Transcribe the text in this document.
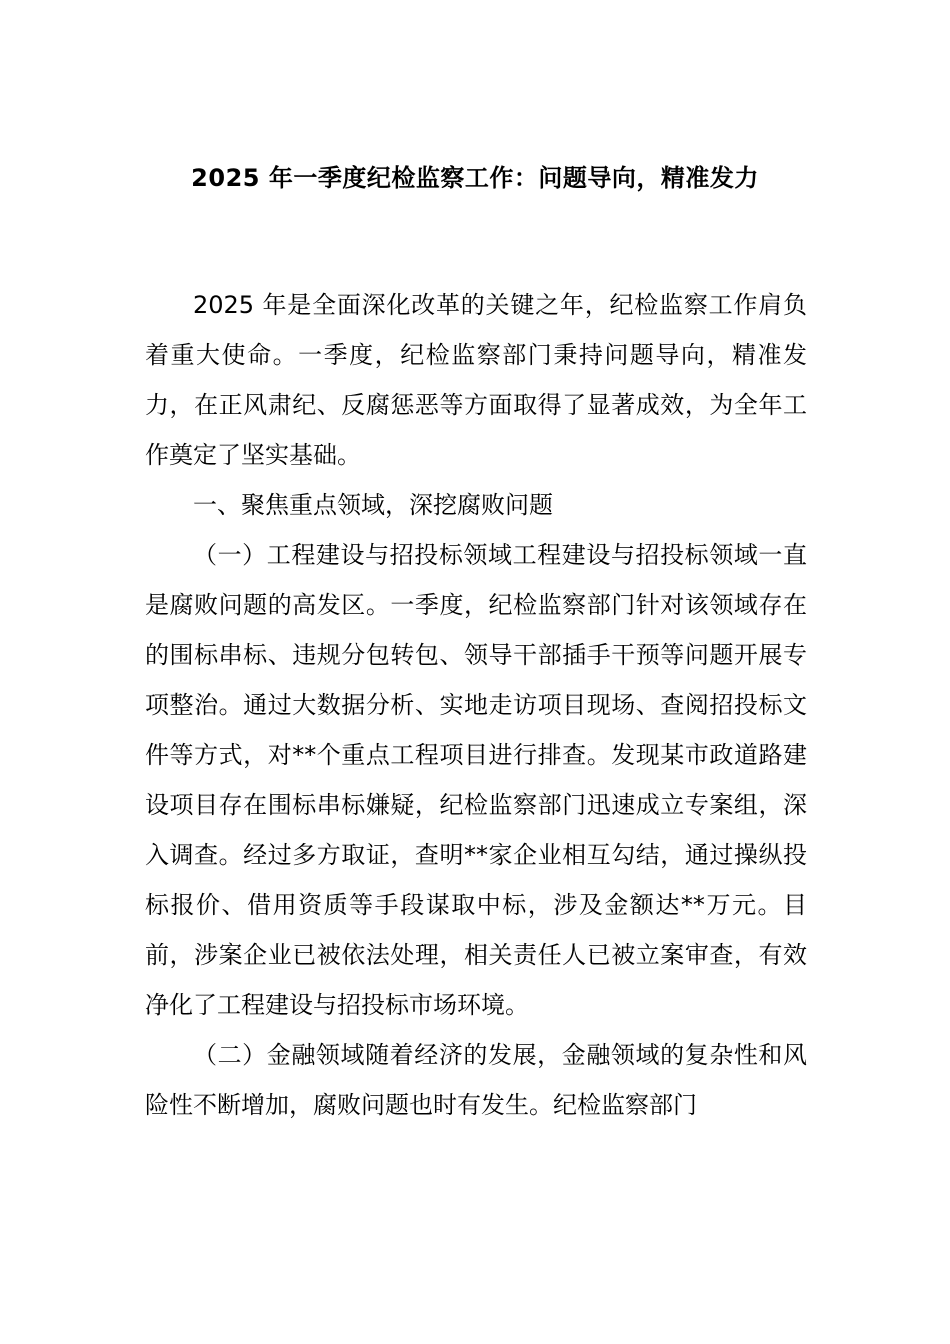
2025 年一季度纪检监察工作：问题导向，精准发力

2025 年是全面深化改革的关键之年，纪检监察工作肩负着重大使命。一季度，纪检监察部门秉持问题导向，精准发力，在正风肃纪、反腐惩恶等方面取得了显著成效，为全年工作奠定了坚实基础。

一、聚焦重点领域，深挖腐败问题

（一）工程建设与招投标领域工程建设与招投标领域一直是腐败问题的高发区。一季度，纪检监察部门针对该领域存在的围标串标、违规分包转包、领导干部插手干预等问题开展专项整治。通过大数据分析、实地走访项目现场、查阅招投标文件等方式，对**个重点工程项目进行排查。发现某市政道路建设项目存在围标串标嫌疑，纪检监察部门迅速成立专案组，深入调查。经过多方取证，查明**家企业相互勾结，通过操纵投标报价、借用资质等手段谋取中标，涉及金额达**万元。目前，涉案企业已被依法处理，相关责任人已被立案审查，有效净化了工程建设与招投标市场环境。

（二）金融领域随着经济的发展，金融领域的复杂性和风险性不断增加，腐败问题也时有发生。纪检监察部门
